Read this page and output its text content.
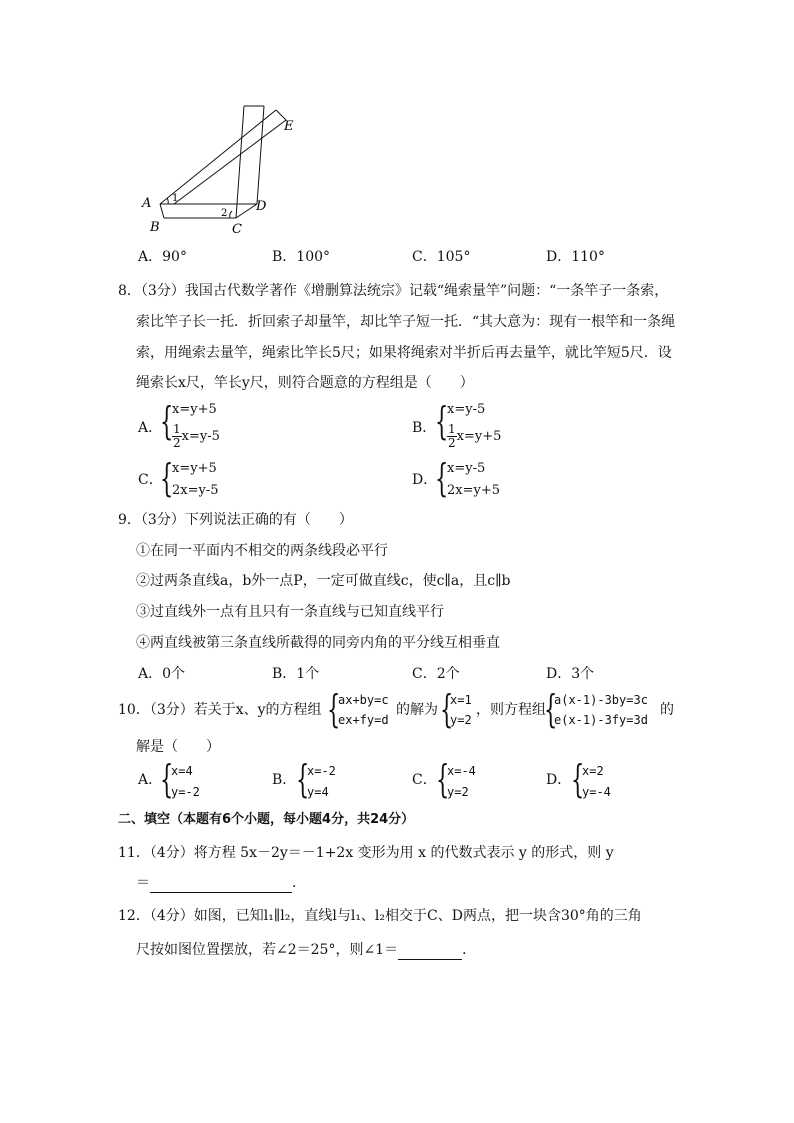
A
B	C
D
E
1
2
A．90°	B．100°	C．105°	D．110°
8．（3分）我国古代数学著作《增删算法统宗》记载“绳索量竿”问题：“一条竿子一条索，
索比竿子长一托．折回索子却量竿，却比竿子短一托．“其大意为：现有一根竿和一条绳
索，用绳索去量竿，绳索比竿长5尺；如果将绳索对半折后再去量竿，就比竿短5尺．设
绳索长x尺，竿长y尺，则符合题意的方程组是（　　）
A．
{
x=y+5
$\frac{1}{2} x=y-5$
B．
{
x=y-5
$\frac{1}{2} x=y+5$
C．
{
x=y+5
2x=y-5
D．
{
x=y-5
2x=y+5
9．（3分）下列说法正确的有（　　）
①在同一平面内不相交的两条线段必平行
②过两条直线a，b外一点P，一定可做直线c，使c∥a，且c∥b
③过直线外一点有且只有一条直线与已知直线平行
④两直线被第三条直线所截得的同旁内角的平分线互相垂直
A．0个	B．1个	C．2个	D．3个
10．（3分）若关于x、y的方程组 {
ax+by=c
ex+fy=d
的解为 {
x=1
y=2
，则方程组
{
a(x-1)-3by=3c
e(x-1)-3fy=3d
的
解是（　　）
A．
{
x=4
y=-2
B． {
x=-2
y=4
C． {
x=-4
y=2
D． {
x=2
y=-4
二、填空（本题有6个小题，每小题4分，共24分）
11．（4分）将方程 5x－2y＝－1+2x 变形为用 x 的代数式表示 y 的形式，则 y
＝	．
12．（4分）如图，已知l₁∥l₂，直线l与l₁、l₂相交于C、D两点，把一块含30°角的三角
尺按如图位置摆放，若∠2＝25°，则∠1＝	．
